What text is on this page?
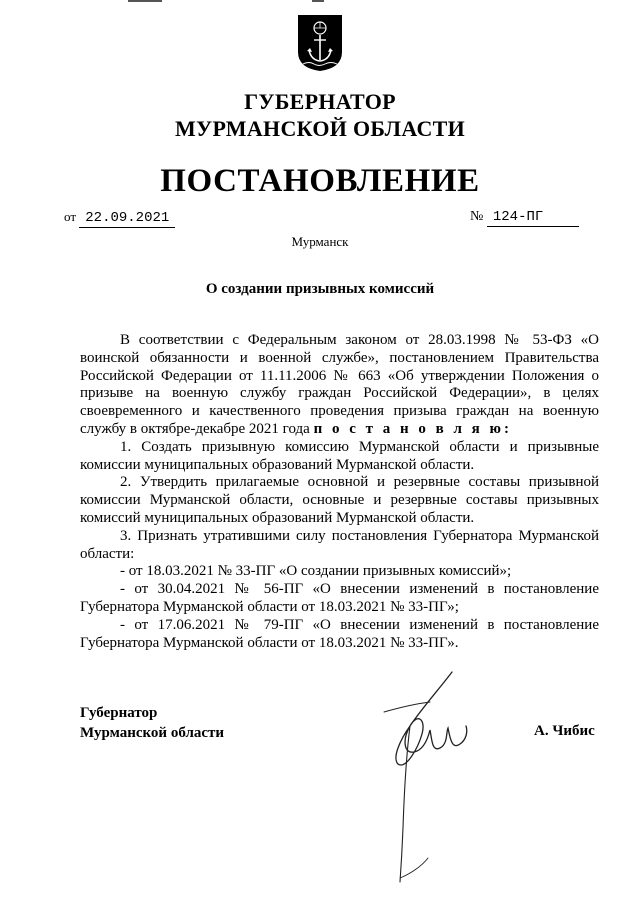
ГУБЕРНАТОР
МУРМАНСКОЙ ОБЛАСТИ
ПОСТАНОВЛЕНИЕ
от 22.09.2021	№ 124-ПГ
Мурманск
О создании призывных комиссий

В соответствии с Федеральным законом от 28.03.1998 № 53-ФЗ «О воинской обязанности и военной службе», постановлением Правительства Российской Федерации от 11.11.2006 № 663 «Об утверждении Положения о призыве на военную службу граждан Российской Федерации», в целях своевременного и качественного проведения призыва граждан на военную службу в октябре-декабре 2021 года п о с т а н о в л я ю:

1. Создать призывную комиссию Мурманской области и призывные комиссии муниципальных образований Мурманской области.

2. Утвердить прилагаемые основной и резервные составы призывной комиссии Мурманской области, основные и резервные составы призывных комиссий муниципальных образований Мурманской области.

3. Признать утратившими силу постановления Губернатора Мурманской области:

- от 18.03.2021 № 33-ПГ «О создании призывных комиссий»;

- от 30.04.2021 № 56-ПГ «О внесении изменений в постановление Губернатора Мурманской области от 18.03.2021 № 33-ПГ»;

- от 17.06.2021 № 79-ПГ «О внесении изменений в постановление Губернатора Мурманской области от 18.03.2021 № 33-ПГ».

Губернатор
Мурманской области	А. Чибис
